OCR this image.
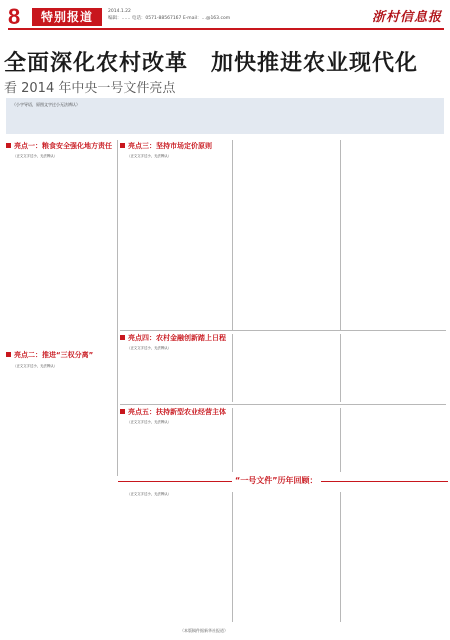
8	特别报道	2014.1.22
编辑：…… 电话：0571-88567167 E-mail：…@163.com	浙村信息报
全面深化农村改革　加快推进农业现代化
看 2014 年中央一号文件亮点
（小字导语，原图文字过小无法辨认）
亮点一：粮食安全强化地方责任

（正文文字过小，无法辨认）

亮点二：推进“三权分离”

（正文文字过小，无法辨认）

亮点三：坚持市场定价原则

（正文文字过小，无法辨认）

亮点四：农村金融创新踏上日程

（正文文字过小，无法辨认）

亮点五：扶持新型农业经营主体

（正文文字过小，无法辨认）

“一号文件”历年回顾：

（正文文字过小，无法辨认）

（本版稿件据新华社报道）
